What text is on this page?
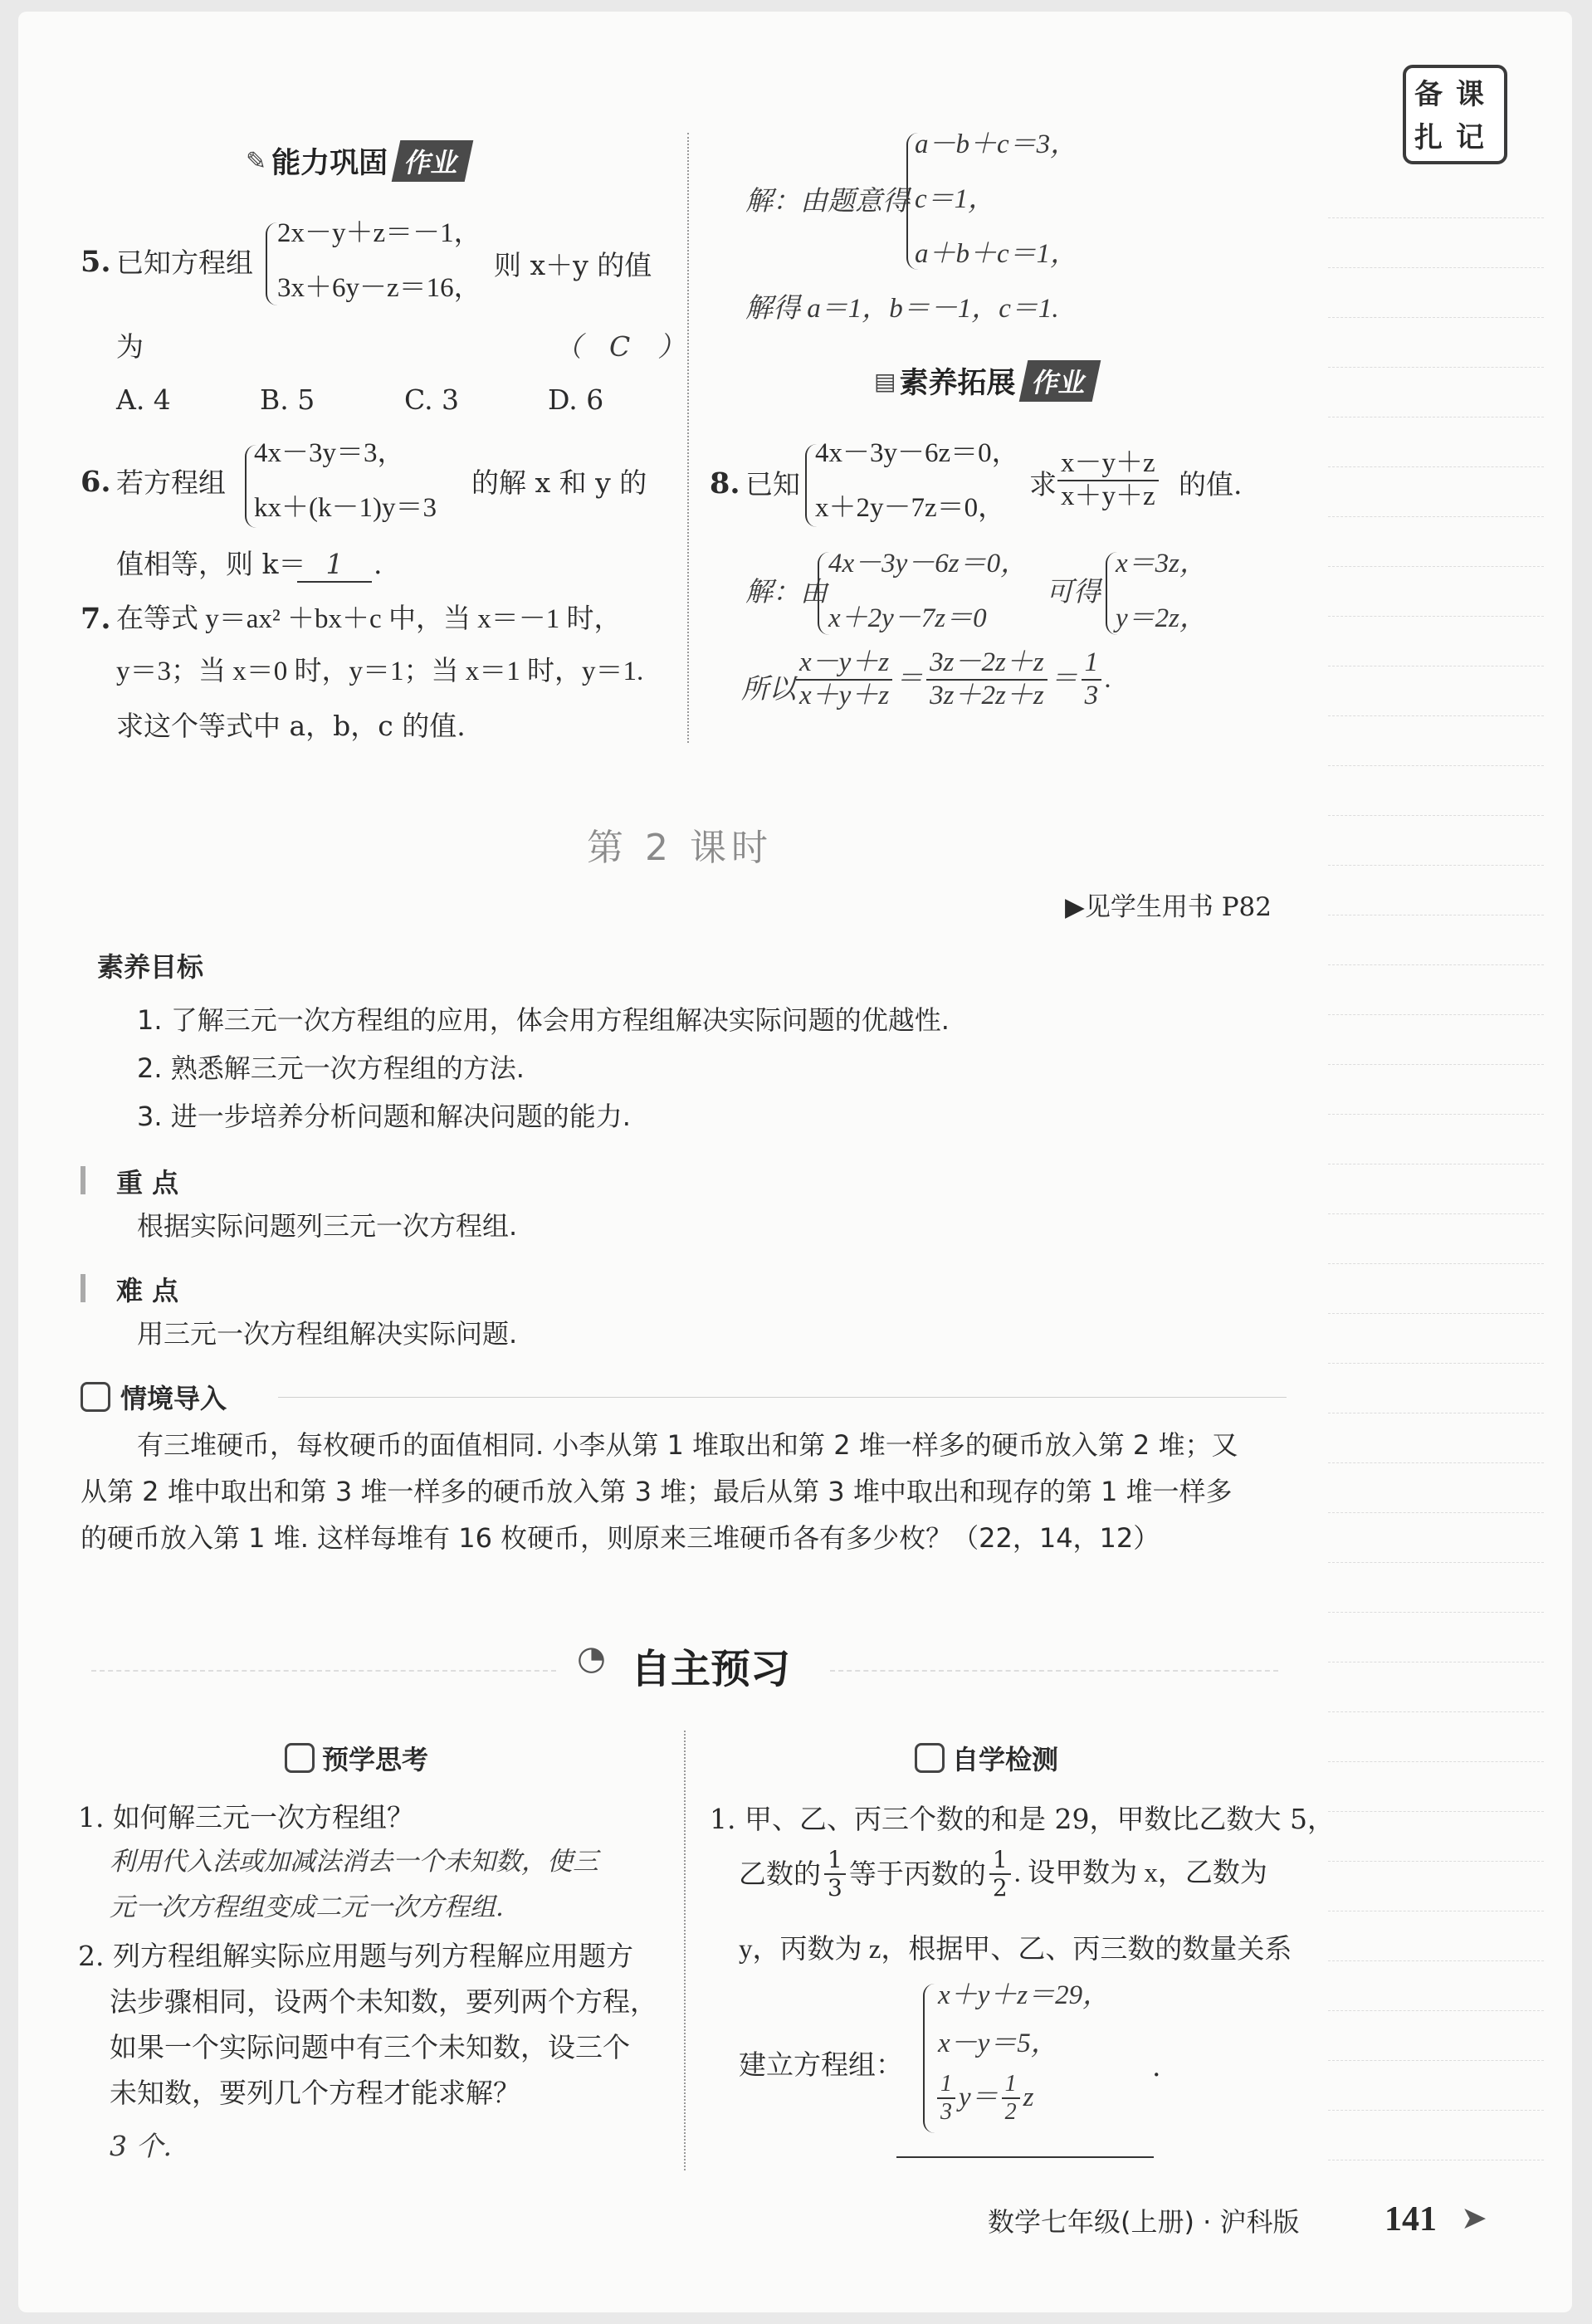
备 课
扎 记
✎ 能力巩固 作业
5. 已知方程组
2x－y＋z＝－1，
3x＋6y－z＝16，
则 x＋y 的值
为	（　C　）
A. 4	B. 5	C. 3	D. 6
6. 若方程组
4x－3y＝3，
kx＋(k－1)y＝3
的解 x 和 y 的
值相等，则 k＝ 1	.
7. 在等式 y＝ax² ＋bx＋c 中，当 x＝－1 时，
y＝3；当 x＝0 时，y＝1；当 x＝1 时，y＝1.
求这个等式中 a，b，c 的值.
解：由题意得
a－b＋c＝3，
c＝1，
a＋b＋c＝1，
解得 a＝1，b＝－1，c＝1.
▤ 素养拓展 作业
8. 已知
4x－3y－6z＝0，
x＋2y－7z＝0，
求 $\frac{x-y+z}{x+y+z}$ 的值.
解：由
4x－3y－6z＝0，
x＋2y－7z＝0
可得
x＝3z，
y＝2z，
所以 $\frac{x-y+z}{x+y+z} = \frac{3z-2z+z}{3z+2z+z} = \frac{1}{3}$ .
第 2 课时
▶见学生用书 P82
素养目标
1. 了解三元一次方程组的应用，体会用方程组解决实际问题的优越性.
2. 熟悉解三元一次方程组的方法.
3. 进一步培养分析问题和解决问题的能力.
重 点
根据实际问题列三元一次方程组.
难 点
用三元一次方程组解决实际问题.
情境导入
有三堆硬币，每枚硬币的面值相同. 小李从第 1 堆取出和第 2 堆一样多的硬币放入第 2 堆；又
从第 2 堆中取出和第 3 堆一样多的硬币放入第 3 堆；最后从第 3 堆中取出和现存的第 1 堆一样多
的硬币放入第 1 堆. 这样每堆有 16 枚硬币，则原来三堆硬币各有多少枚？（22，14，12）
◔ 自主预习
预学思考
1. 如何解三元一次方程组？
利用代入法或加减法消去一个未知数，使三
元一次方程组变成二元一次方程组.
2. 列方程组解实际应用题与列方程解应用题方
法步骤相同，设两个未知数，要列两个方程，
如果一个实际问题中有三个未知数，设三个
未知数，要列几个方程才能求解？
3 个.
自学检测
1. 甲、乙、丙三个数的和是 29，甲数比乙数大 5，
乙数的 $\frac{1}{3}$ 等于丙数的 $\frac{1}{2}$ . 设甲数为 x，乙数为
y，丙数为 z，根据甲、乙、丙三数的数量关系
建立方程组：
x＋y＋z＝29，
x－y＝5，
$\frac{1}{3} y= \frac{1}{2}$ z
.
数学七年级(上册) · 沪科版 141 ➤
